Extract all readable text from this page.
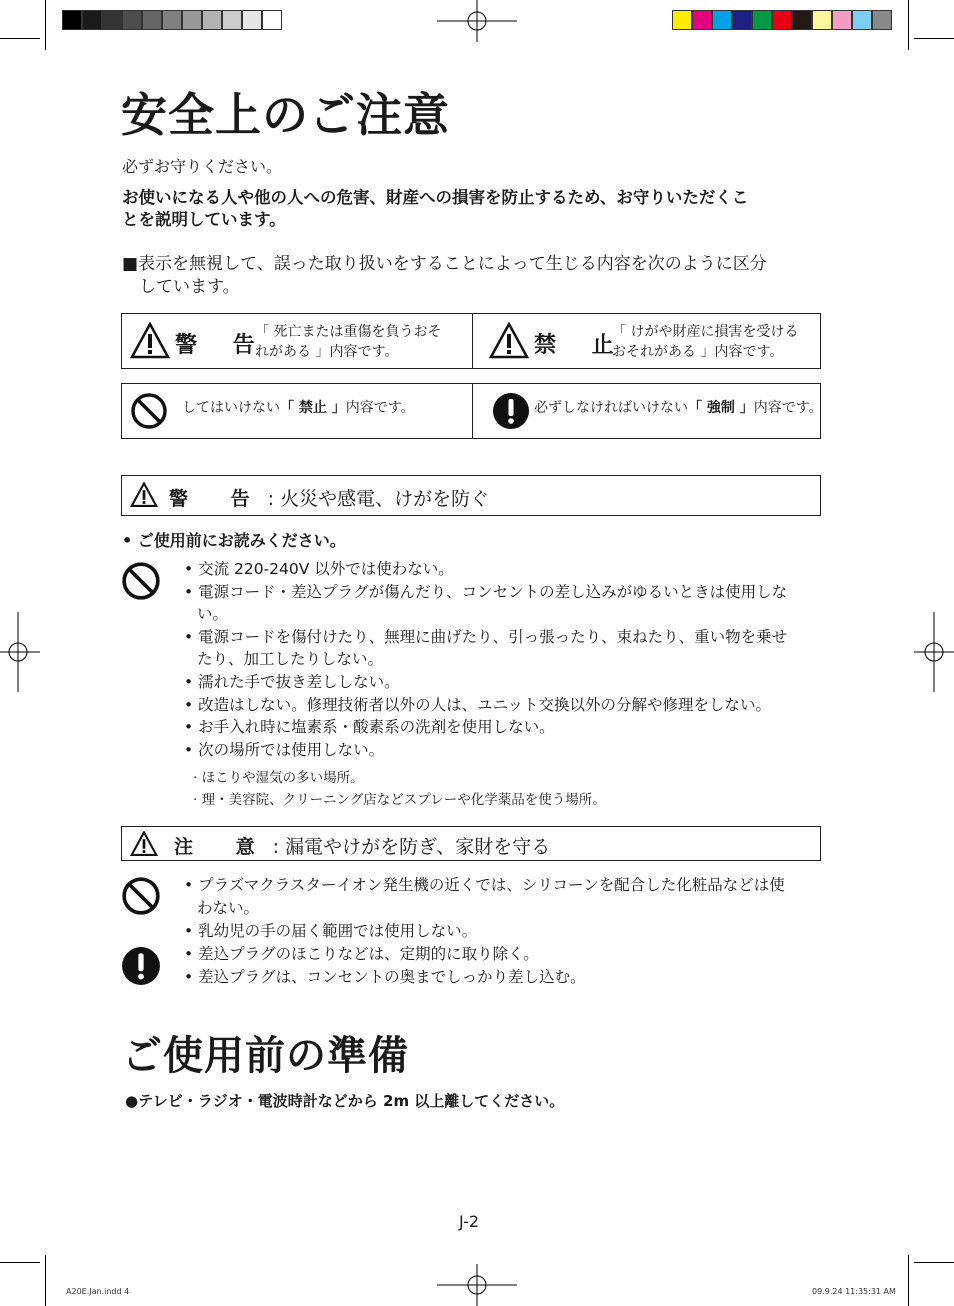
安全上のご注意
必ずお守りください。
お使いになる人や他の人への危害、財産への損害を防止するため、お守りいただくこ
とを説明しています。
■表示を無視して、誤った取り扱いをすることによって生じる内容を次のように区分
しています。
警 告
「 死亡または重傷を負うおそ
れがある 」内容です。	禁 止
「 けがや財産に損害を受ける
おそれがある 」内容です。
してはいけない「 禁止 」内容です。	必ずしなければいけない「 強制 」内容です。
警 告: 火災や感電、けがを防ぐ
• ご使用前にお読みください。
• 交流 220-240V 以外では使わない。
• 電源コード・差込プラグが傷んだり、コンセントの差し込みがゆるいときは使用しな
い。
• 電源コードを傷付けたり、無理に曲げたり、引っ張ったり、束ねたり、重い物を乗せ
たり、加工したりしない。
• 濡れた手で抜き差ししない。
• 改造はしない。修理技術者以外の人は、ユニット交換以外の分解や修理をしない。
• お手入れ時に塩素系・酸素系の洗剤を使用しない。
• 次の場所では使用しない。
· ほこりや湿気の多い場所。
· 理・美容院、クリーニング店などスプレーや化学薬品を使う場所。
注 意: 漏電やけがを防ぎ、家財を守る
• プラズマクラスターイオン発生機の近くでは、シリコーンを配合した化粧品などは使
わない。
• 乳幼児の手の届く範囲では使用しない。
• 差込プラグのほこりなどは、定期的に取り除く。
• 差込プラグは、コンセントの奥までしっかり差し込む。
ご使用前の準備
●テレビ・ラジオ・電波時計などから 2m 以上離してください。
J-2
A20E.Jan.indd 4	09.9.24 11:35:31 AM
